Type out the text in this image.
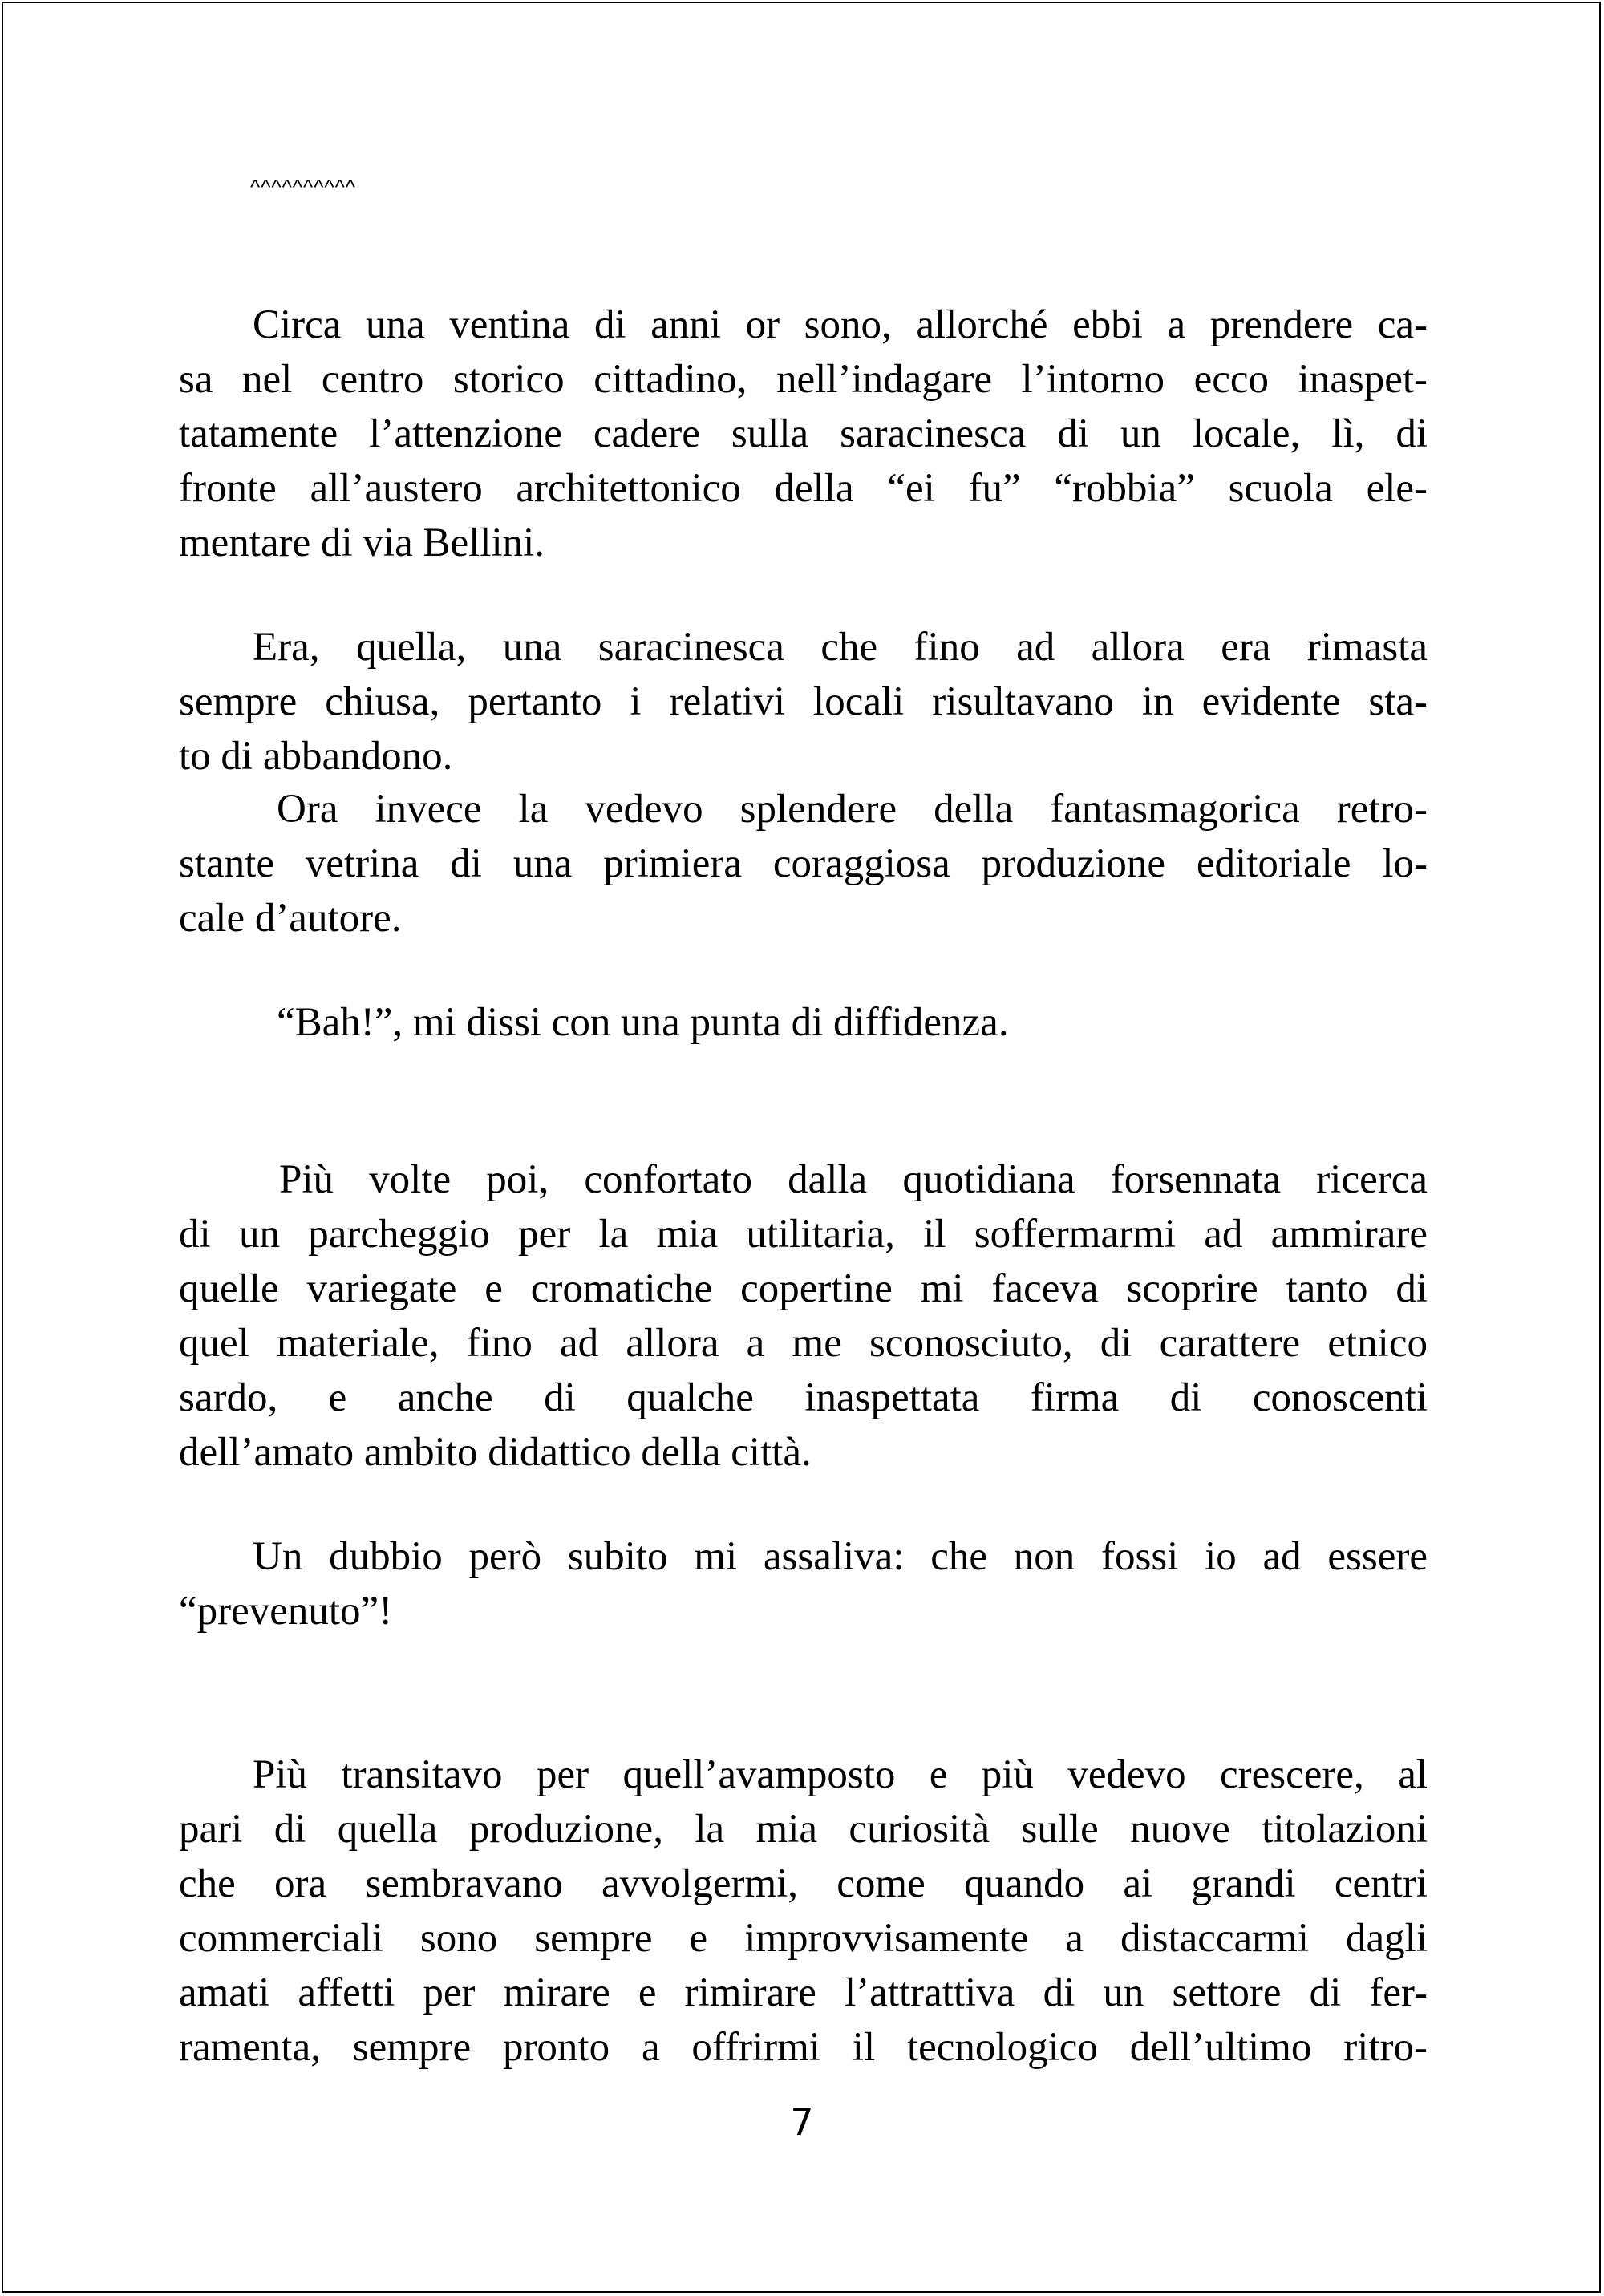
^^^^^^^^^^
Circa una ventina di anni or sono, allorché ebbi a prendere ca-
sa nel centro storico cittadino, nell’indagare l’intorno ecco inaspet-
tatamente l’attenzione cadere sulla saracinesca di un locale, lì, di
fronte all’austero architettonico della “ei fu” “robbia” scuola ele-
mentare di via Bellini.
Era, quella, una saracinesca che fino ad allora era rimasta
sempre chiusa, pertanto i relativi locali risultavano in evidente sta-
to di abbandono.
Ora invece la vedevo splendere della fantasmagorica retro-
stante vetrina di una primiera coraggiosa produzione editoriale lo-
cale d’autore.
“Bah!”, mi dissi con una punta di diffidenza.
Più volte poi, confortato dalla quotidiana forsennata ricerca
di un parcheggio per la mia utilitaria, il soffermarmi ad ammirare
quelle variegate e cromatiche copertine mi faceva scoprire tanto di
quel materiale, fino ad allora a me sconosciuto, di carattere etnico
sardo, e anche di qualche inaspettata firma di conoscenti
dell’amato ambito didattico della città.
Un dubbio però subito mi assaliva: che non fossi io ad essere
“prevenuto”!
Più transitavo per quell’avamposto e più vedevo crescere, al
pari di quella produzione, la mia curiosità sulle nuove titolazioni
che ora sembravano avvolgermi, come quando ai grandi centri
commerciali sono sempre e improvvisamente a distaccarmi dagli
amati affetti per mirare e rimirare l’attrattiva di un settore di fer-
ramenta, sempre pronto a offrirmi il tecnologico dell’ultimo ritro-
7
